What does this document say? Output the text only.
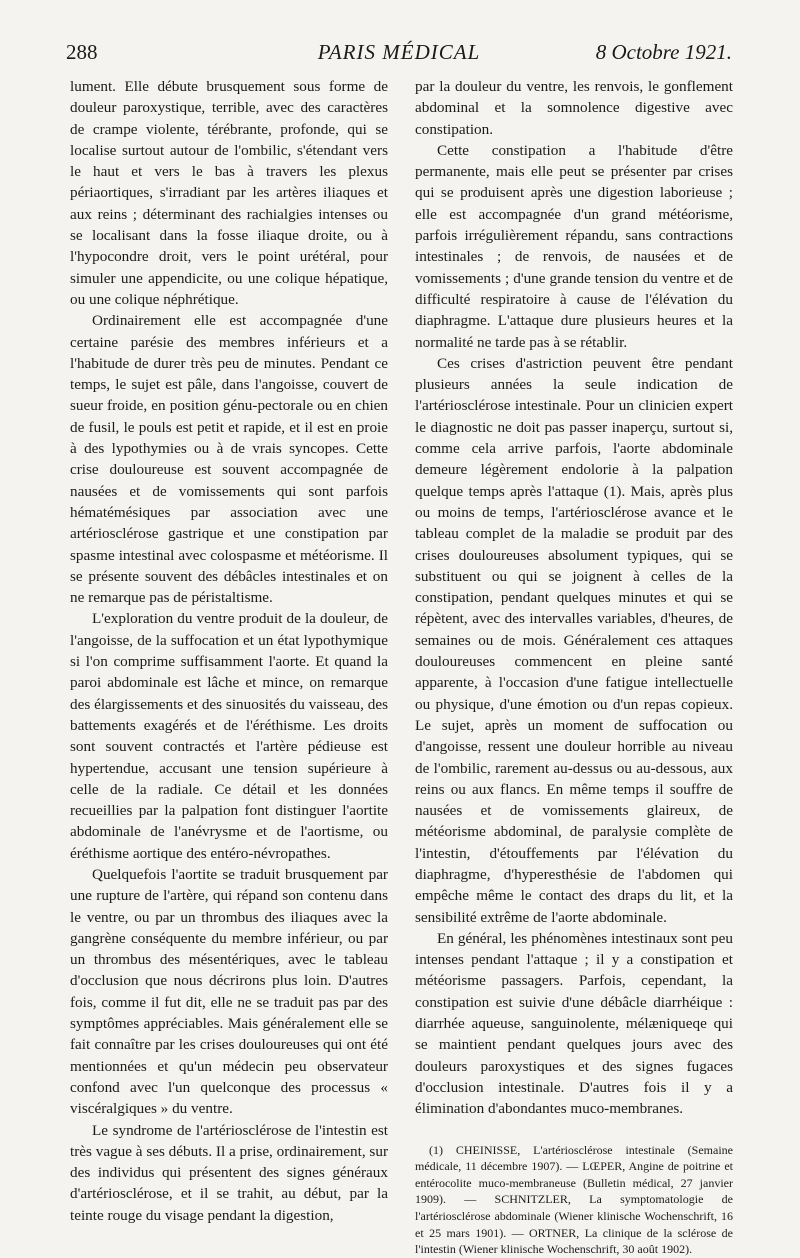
288	PARIS MÉDICAL	8 Octobre 1921.

lument. Elle débute brusquement sous forme de douleur paroxystique, terrible, avec des caractères de crampe violente, térébrante, profonde, qui se localise surtout autour de l'ombilic, s'étendant vers le haut et vers le bas à travers les plexus périaortiques, s'irradiant par les artères iliaques et aux reins ; déterminant des rachialgies intenses ou se localisant dans la fosse iliaque droite, ou à l'hypocondre droit, vers le point urétéral, pour simuler une appendicite, ou une colique hépatique, ou une colique néphrétique.

Ordinairement elle est accompagnée d'une certaine parésie des membres inférieurs et a l'habitude de durer très peu de minutes. Pendant ce temps, le sujet est pâle, dans l'angoisse, couvert de sueur froide, en position génu-pectorale ou en chien de fusil, le pouls est petit et rapide, et il est en proie à des lypothymies ou à de vrais syncopes. Cette crise douloureuse est souvent accompagnée de nausées et de vomissements qui sont parfois hématémésiques par association avec une artériosclérose gastrique et une constipation par spasme intestinal avec colospasme et météorisme. Il se présente souvent des débâcles intestinales et on ne remarque pas de péristaltisme.

L'exploration du ventre produit de la douleur, de l'angoisse, de la suffocation et un état lypothymique si l'on comprime suffisamment l'aorte. Et quand la paroi abdominale est lâche et mince, on remarque des élargissements et des sinuosités du vaisseau, des battements exagérés et de l'éréthisme. Les droits sont souvent contractés et l'artère pédieuse est hypertendue, accusant une tension supérieure à celle de la radiale. Ce détail et les données recueillies par la palpation font distinguer l'aortite abdominale de l'anévrysme et de l'aortisme, ou éréthisme aortique des entéro-névropathes.

Quelquefois l'aortite se traduit brusquement par une rupture de l'artère, qui répand son contenu dans le ventre, ou par un thrombus des iliaques avec la gangrène conséquente du membre inférieur, ou par un thrombus des mésentériques, avec le tableau d'occlusion que nous décrirons plus loin. D'autres fois, comme il fut dit, elle ne se traduit pas par des symptômes appréciables. Mais généralement elle se fait connaître par les crises douloureuses qui ont été mentionnées et qu'un médecin peu observateur confond avec l'un quelconque des processus « viscéralgiques » du ventre.

Le syndrome de l'artériosclérose de l'intestin est très vague à ses débuts. Il a prise, ordinairement, sur des individus qui présentent des signes généraux d'artériosclérose, et il se trahit, au début, par la teinte rouge du visage pendant la digestion,

par la douleur du ventre, les renvois, le gonflement abdominal et la somnolence digestive avec constipation.

Cette constipation a l'habitude d'être permanente, mais elle peut se présenter par crises qui se produisent après une digestion laborieuse ; elle est accompagnée d'un grand météorisme, parfois irrégulièrement répandu, sans contractions intestinales ; de renvois, de nausées et de vomissements ; d'une grande tension du ventre et de difficulté respiratoire à cause de l'élévation du diaphragme. L'attaque dure plusieurs heures et la normalité ne tarde pas à se rétablir.

Ces crises d'astriction peuvent être pendant plusieurs années la seule indication de l'artériosclérose intestinale. Pour un clinicien expert le diagnostic ne doit pas passer inaperçu, surtout si, comme cela arrive parfois, l'aorte abdominale demeure légèrement endolorie à la palpation quelque temps après l'attaque (1). Mais, après plus ou moins de temps, l'artériosclérose avance et le tableau complet de la maladie se produit par des crises douloureuses absolument typiques, qui se substituent ou qui se joignent à celles de la constipation, pendant quelques minutes et qui se répètent, avec des intervalles variables, d'heures, de semaines ou de mois. Généralement ces attaques douloureuses commencent en pleine santé apparente, à l'occasion d'une fatigue intellectuelle ou physique, d'une émotion ou d'un repas copieux. Le sujet, après un moment de suffocation ou d'angoisse, ressent une douleur horrible au niveau de l'ombilic, rarement au-dessus ou au-dessous, aux reins ou aux flancs. En même temps il souffre de nausées et de vomissements glaireux, de météorisme abdominal, de paralysie complète de l'intestin, d'étouffements par l'élévation du diaphragme, d'hyperesthésie de l'abdomen qui empêche même le contact des draps du lit, et la sensibilité extrême de l'aorte abdominale.

En général, les phénomènes intestinaux sont peu intenses pendant l'attaque ; il y a constipation et météorisme passagers. Parfois, cependant, la constipation est suivie d'une débâcle diarrhéique : diarrhée aqueuse, sanguinolente, mélæniqueqe qui se maintient pendant quelques jours avec des douleurs paroxystiques et des signes fugaces d'occlusion intestinale. D'autres fois il y a élimination d'abondantes muco-membranes.

(1) CHEINISSE, L'artériosclérose intestinale (Semaine médicale, 11 décembre 1907). — LŒPER, Angine de poitrine et entérocolite muco-membraneuse (Bulletin médical, 27 janvier 1909). — SCHNITZLER, La symptomatologie de l'artériosclérose abdominale (Wiener klinische Wochenschrift, 16 et 25 mars 1901). — ORTNER, La clinique de la sclérose de l'intestin (Wiener klinische Wochenschrift, 30 août 1902).
